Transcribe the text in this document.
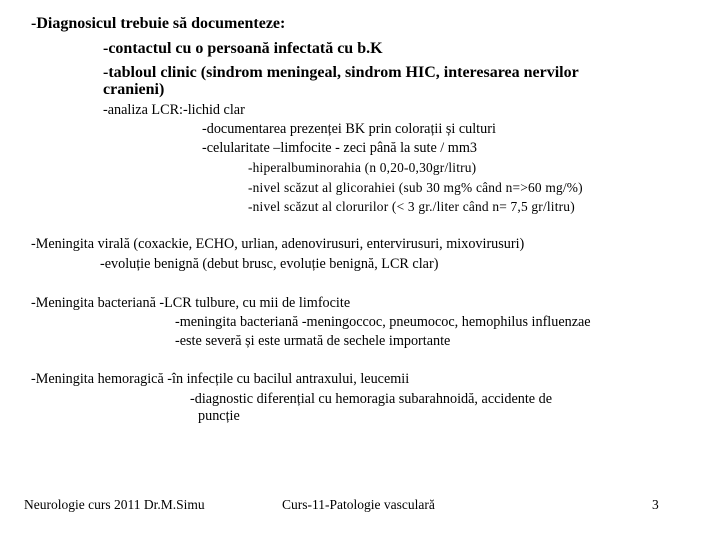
-Diagnosicul trebuie să documenteze:
-contactul cu o persoană infectată cu b.K
-tabloul clinic (sindrom meningeal, sindrom HIC, interesarea nervilor
cranieni)
-analiza LCR:-lichid clar
-documentarea prezenței BK prin colorații și culturi
-celularitate –limfocite - zeci până la sute / mm3
-hiperalbuminorahia (n 0,20-0,30gr/litru)
-nivel scăzut al glicorahiei (sub 30 mg% când n=>60 mg/%)
-nivel scăzut al clorurilor (< 3 gr./liter când n= 7,5 gr/litru)
-Meningita virală (coxackie, ECHO, urlian, adenovirusuri, entervirusuri, mixovirusuri)
-evoluție benignă (debut brusc, evoluție benignă, LCR clar)
-Meningita bacteriană -LCR tulbure, cu mii de limfocite
-meningita bacteriană -meningoccoc, pneumococ, hemophilus influenzae
-este severă și este urmată de sechele importante
-Meningita hemoragică -în infecțile cu bacilul antraxului, leucemii
-diagnostic diferențial cu hemoragia subarahnoidă, accidente de
puncție
Neurologie curs 2011 Dr.M.Simu	Curs-11-Patologie vasculară	3
